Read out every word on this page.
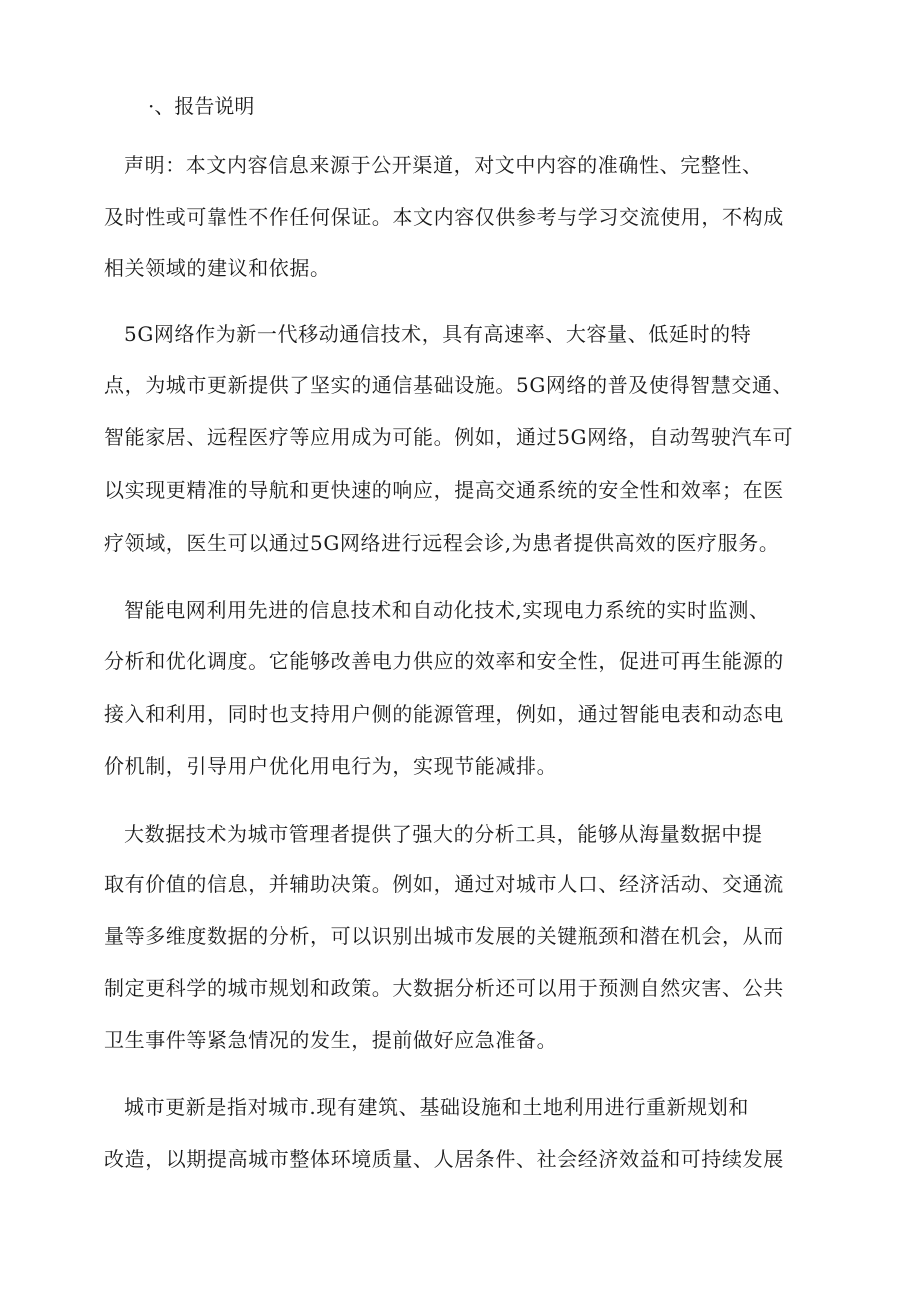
·、报告说明
声明：本文内容信息来源于公开渠道，对文中内容的准确性、完整性、
及时性或可靠性不作任何保证。本文内容仅供参考与学习交流使用，不构成
相关领域的建议和依据。
5G网络作为新一代移动通信技术，具有高速率、大容量、低延时的特
点，为城市更新提供了坚实的通信基础设施。5G网络的普及使得智慧交通、
智能家居、远程医疗等应用成为可能。例如，通过5G网络，自动驾驶汽车可
以实现更精准的导航和更快速的响应，提高交通系统的安全性和效率；在医
疗领域，医生可以通过5G网络进行远程会诊,为患者提供高效的医疗服务。
智能电网利用先进的信息技术和自动化技术,实现电力系统的实时监测、
分析和优化调度。它能够改善电力供应的效率和安全性，促进可再生能源的
接入和利用，同时也支持用户侧的能源管理，例如，通过智能电表和动态电
价机制，引导用户优化用电行为，实现节能减排。
大数据技术为城市管理者提供了强大的分析工具，能够从海量数据中提
取有价值的信息，并辅助决策。例如，通过对城市人口、经济活动、交通流
量等多维度数据的分析，可以识别出城市发展的关键瓶颈和潜在机会，从而
制定更科学的城市规划和政策。大数据分析还可以用于预测自然灾害、公共
卫生事件等紧急情况的发生，提前做好应急准备。
城市更新是指对城市.现有建筑、基础设施和土地利用进行重新规划和
改造，以期提高城市整体环境质量、人居条件、社会经济效益和可持续发展
